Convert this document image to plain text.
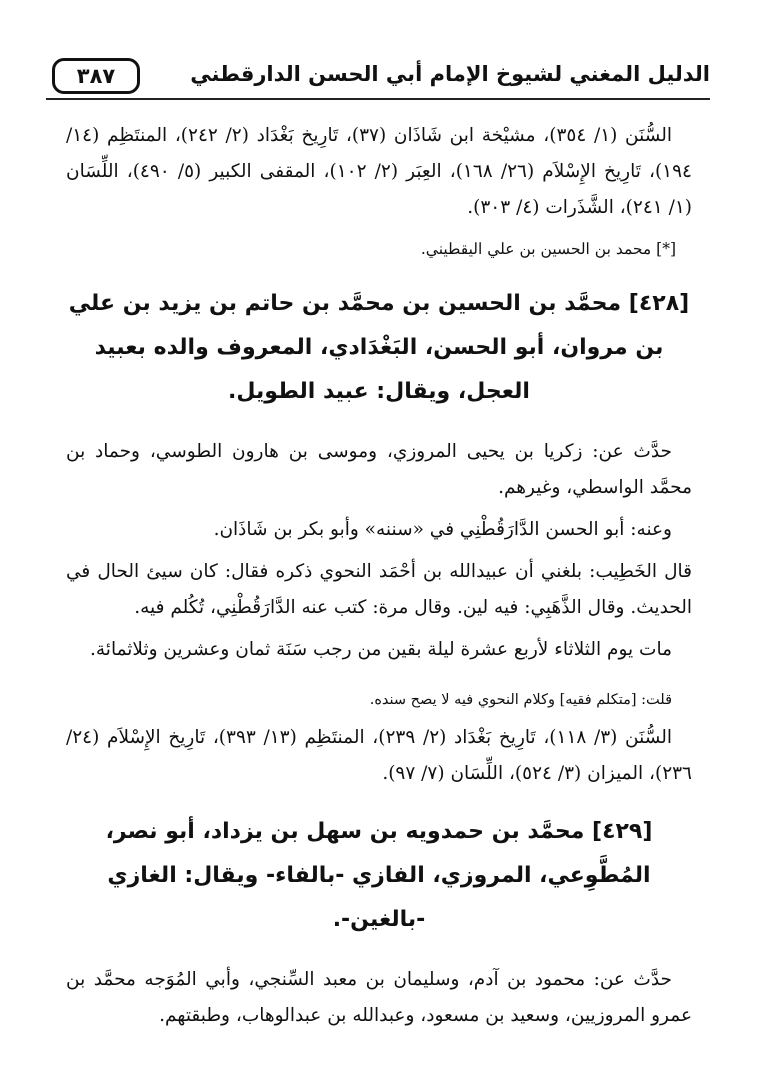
الدليل المغني لشيوخ الإمام أبي الحسن الدارقطني
٣٨٧

السُّنَن (١/ ٣٥٤)، مشيْخة ابن شَاذَان (٣٧)، تَارِيخ بَغْدَاد (٢/ ٢٤٢)، المنتَظِم (١٤/ ١٩٤)، تَارِيخ الإِسْلاَم (٢٦/ ١٦٨)، العِبَر (٢/ ١٠٢)، المقفى الكبير (٥/ ٤٩٠)، اللِّسَان (١/ ٢٤١)، الشَّذَرات (٤/ ٣٠٣).

[*] محمد بن الحسين بن علي اليقطيني.

[٤٢٨] محمَّد بن الحسين بن محمَّد بن حاتم بن يزيد بن علي بن مروان، أبو الحسن، البَغْدَادي، المعروف والده بعبيد العجل، ويقال: عبيد الطويل.

حدَّث عن: زكريا بن يحيى المروزي، وموسى بن هارون الطوسي، وحماد بن محمَّد الواسطي، وغيرهم.

وعنه: أبو الحسن الدَّارَقُطْنِي في «سننه» وأبو بكر بن شَاذَان.

قال الخَطِيب: بلغني أن عبيدالله بن أحْمَد النحوي ذكره فقال: كان سيئ الحال في الحديث. وقال الذَّهَبِي: فيه لين. وقال مرة: كتب عنه الدَّارَقُطْنِي، تُكُلم فيه.

مات يوم الثلاثاء لأربع عشرة ليلة بقين من رجب سَنَة ثمان وعشرين وثلاثمائة.

قلت: [متكلم فقيه] وكلام النحوي فيه لا يصح سنده.

السُّنَن (٣/ ١١٨)، تَارِيخ بَغْدَاد (٢/ ٢٣٩)، المنتَظِم (١٣/ ٣٩٣)، تَارِيخ الإِسْلاَم (٢٤/ ٢٣٦)، الميزان (٣/ ٥٢٤)، اللِّسَان (٧/ ٩٧).

[٤٢٩] محمَّد بن حمدويه بن سهل بن يزداد، أبو نصر، المُطَّوِعي، المروزي، الفازي -بالفاء- ويقال: الغازي -بالغين-.

حدَّث عن: محمود بن آدم، وسليمان بن معبد السِّنجي، وأبي المُوَجه محمَّد بن عمرو المروزيين، وسعيد بن مسعود، وعبدالله بن عبدالوهاب، وطبقتهم.
